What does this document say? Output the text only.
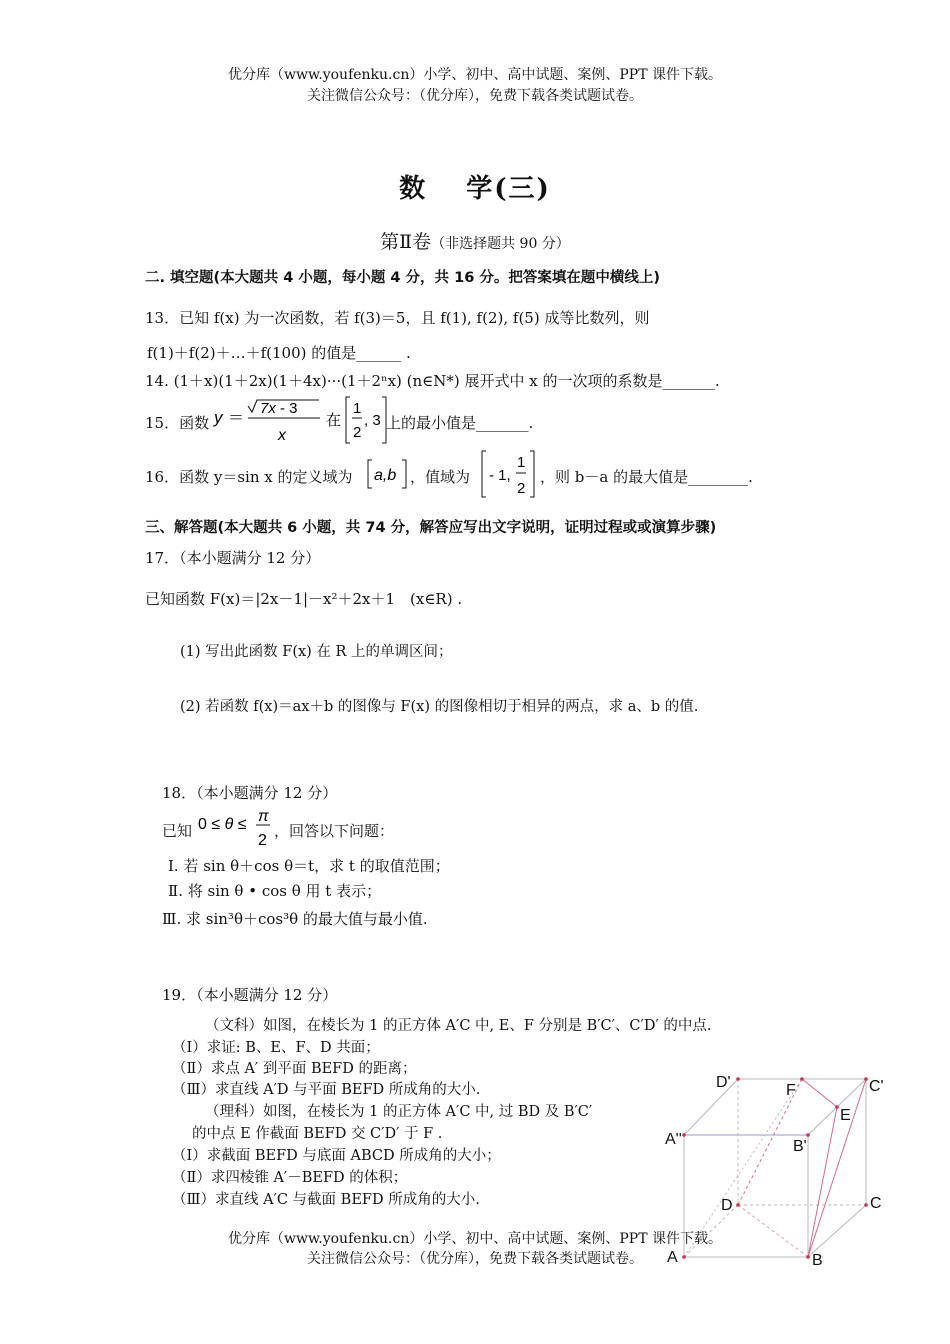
优分库（www.youfenku.cn）小学、初中、高中试题、案例、PPT 课件下载。
关注微信公众号：（优分库），免费下载各类试题试卷。
数　 学(三)
第Ⅱ卷（非选择题共 90 分）
二. 填空题(本大题共 4 小题，每小题 4 分，共 16 分。把答案填在题中横线上)
13．已知 f(x) 为一次函数，若 f(3)＝5，且 f(1), f(2), f(5) 成等比数列，则
f(1)＋f(2)＋…＋f(100) 的值是______ .
14. (1＋x)(1＋2x)(1＋4x)···(1＋2ⁿx) (n∈N*) 展开式中 x 的一次项的系数是_______.
15．函数 y ＝
7x - 3
x
在
1
2
, 3 上的最小值是_______.
16．函数 y＝sin x 的定义域为 a,b ，值域为 - 1,
1
2
，则 b－a 的最大值是________.
三、解答题(本大题共 6 小题，共 74 分，解答应写出文字说明，证明过程或或演算步骤)
17．（本小题满分 12 分）
已知函数 F(x)＝|2x－1|－x²＋2x＋1　(x∈R) .
(1) 写出此函数 F(x) 在 R 上的单调区间；
(2) 若函数 f(x)＝ax＋b 的图像与 F(x) 的图像相切于相异的两点，求 a、b 的值.
18．（本小题满分 12 分）
已知 0 ≤ θ ≤ π
2
，回答以下问题：
Ⅰ. 若 sin θ＋cos θ＝t，求 t 的取值范围；
Ⅱ. 将 sin θ • cos θ 用 t 表示；
Ⅲ. 求 sin³θ＋cos³θ 的最大值与最小值.
19．（本小题满分 12 分）
（文科）如图，在棱长为 1 的正方体 A′C 中, E、F 分别是 B′C′、C′D′ 的中点.
（Ⅰ）求证: B、E、F、D 共面；
（Ⅱ）求点 A′ 到平面 BEFD 的距离；
（Ⅲ）求直线 A′D 与平面 BEFD 所成角的大小.
（理科）如图，在棱长为 1 的正方体 A′C 中, 过 BD 及 B′C′
的中点 E 作截面 BEFD 交 C′D′ 于 F .
（Ⅰ）求截面 BEFD 与底面 ABCD 所成角的大小；
（Ⅱ）求四棱锥 A′－BEFD 的体积；
（Ⅲ）求直线 A′C 与截面 BEFD 所成角的大小.
D'	F	C'
E
A''	B'
D	C
A	B
优分库（www.youfenku.cn）小学、初中、高中试题、案例、PPT 课件下载。
关注微信公众号：（优分库），免费下载各类试题试卷。
